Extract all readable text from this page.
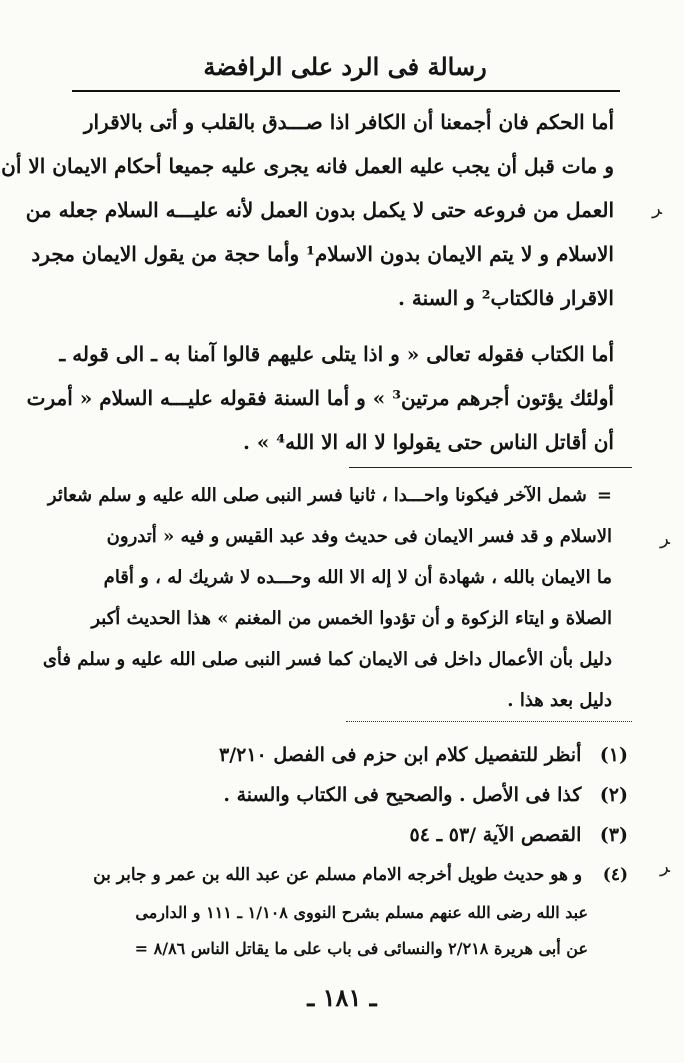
رسالة فى الرد على الرافضة
أما الحكم فان أجمعنا أن الكافر اذا صـــدق بالقلب و أتى بالاقرار
و مات قبل أن يجب عليه العمل فانه يجرى عليه جميعا أحكام الايمان الا أن
العمل من فروعه حتى لا يكمل بدون العمل لأنه عليـــه السلام جعله من
الاسلام و لا يتم الايمان بدون الاسلام¹ وأما حجة من يقول الايمان مجرد
الاقرار فالكتاب² و السنة .
أما الكتاب فقوله تعالى « و اذا يتلى عليهم قالوا آمنا به ـ الى قوله ـ
أولئك يؤتون أجرهم مرتين³ » و أما السنة فقوله عليـــه السلام « أمرت
أن أقاتل الناس حتى يقولوا لا اله الا الله⁴ » .
=
شمل الآخر فيكونا واحـــدا ، ثانيا فسر النبى صلى الله عليه و سلم شعائر
الاسلام و قد فسر الايمان فى حديث وفد عبد القيس و فيه « أتدرون
ما الايمان بالله ، شهادة أن لا إله الا الله وحـــده لا شريك له ، و أقام
الصلاة و ايتاء الزكوة و أن تؤدوا الخمس من المغنم » هذا الحديث أكبر
دليل بأن الأعمال داخل فى الايمان كما فسر النبى صلى الله عليه و سلم فأى
دليل بعد هذا .
(١) أنظر للتفصيل كلام ابن حزم فى الفصل ٣/٢١٠
(٢) كذا فى الأصل . والصحيح فى الكتاب والسنة .
(٣) القصص الآية /٥٣ ـ ٥٤
(٤) و هو حديث طويل أخرجه الامام مسلم عن عبد الله بن عمر و جابر بن
عبد الله رضى الله عنهم مسلم بشرح النووى ١/١٠٨ ـ ١١١ و الدارمى
عن أبى هريرة ٢/٢١٨ والنسائى فى باب على ما يقاتل الناس ٨/٨٦ =
ـ ١٨١ ـ
ﺮ
ﺮ
ﺮ
